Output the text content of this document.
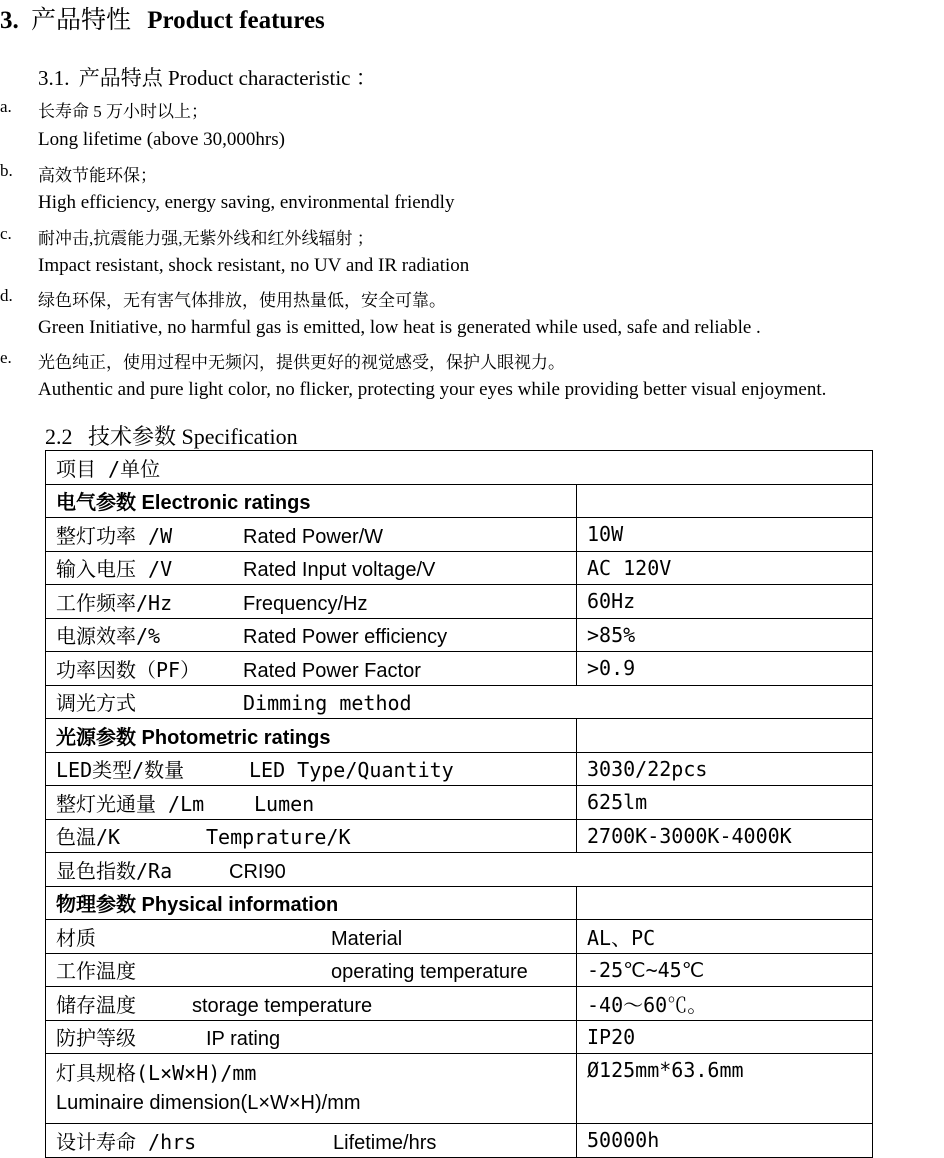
3. 产品特性 Product features
3.1. 产品特点 Product characteristic ：
a. 长寿命 5 万小时以上；
Long lifetime (above 30,000hrs)
b. 高效节能环保；
High efficiency, energy saving, environmental friendly
c. 耐冲击,抗震能力强,无紫外线和红外线辐射 ；
Impact resistant, shock resistant, no UV and IR radiation
d. 绿色环保，无有害气体排放，使用热量低，安全可靠。
Green Initiative, no harmful gas is emitted, low heat is generated while used, safe and reliable .
e. 光色纯正，使用过程中无频闪，提供更好的视觉感受，保护人眼视力。
Authentic and pure light color, no flicker, protecting your eyes while providing better visual enjoyment.
2.2 技术参数 Specification
项目 /单位	
电气参数 Electronic ratings	
整灯功率 /W Rated Power/W	10W
输入电压 /V Rated Input voltage/V	AC 120V
工作频率/Hz Frequency/Hz	60Hz
电源效率/% Rated Power efficiency	>85%
功率因数（PF） Rated Power Factor	>0.9
调光方式 Dimming method	
光源参数 Photometric ratings	
LED类型/数量 LED Type/Quantity	3030/22pcs
整灯光通量 /Lm Lumen	625lm
色温/K Temprature/K	2700K-3000K-4000K
显色指数/Ra CRI90	
物理参数 Physical information	
材质 Material	AL、PC
工作温度 operating temperature	-25℃~45℃
储存温度 storage temperature	-40～60℃。
防护等级 IP rating	IP20

灯具规格(L×W×H)/mm
Luminaire dimension(L×W×H)/mm	Ø125mm*63.6mm
设计寿命 /hrs Lifetime/hrs	50000h
